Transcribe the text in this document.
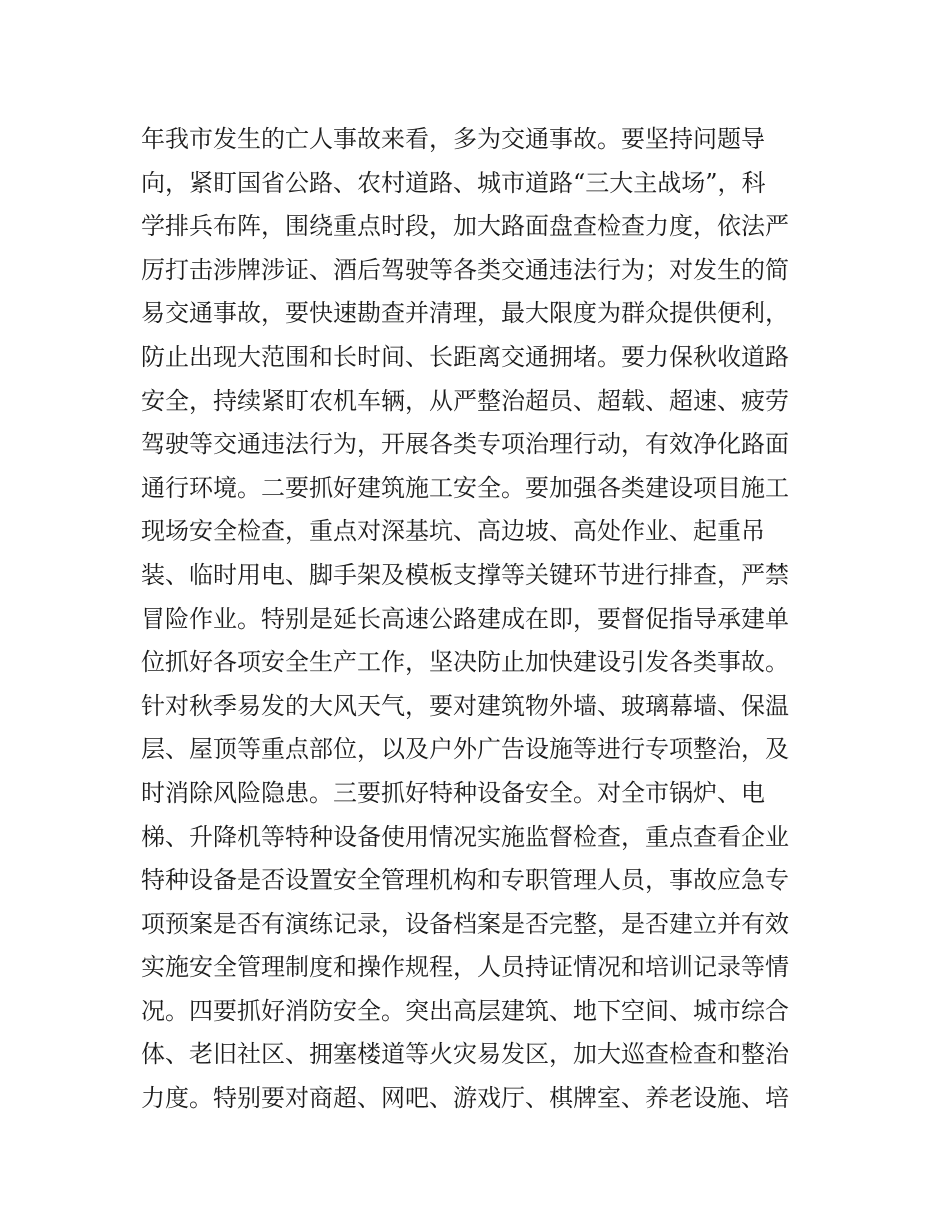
年我市发生的亡人事故来看，多为交通事故。要坚持问题导
向，紧盯国省公路、农村道路、城市道路“三大主战场”，科
学排兵布阵，围绕重点时段，加大路面盘查检查力度，依法严
厉打击涉牌涉证、酒后驾驶等各类交通违法行为；对发生的简
易交通事故，要快速勘查并清理，最大限度为群众提供便利，
防止出现大范围和长时间、长距离交通拥堵。要力保秋收道路
安全，持续紧盯农机车辆，从严整治超员、超载、超速、疲劳
驾驶等交通违法行为，开展各类专项治理行动，有效净化路面
通行环境。二要抓好建筑施工安全。要加强各类建设项目施工
现场安全检查，重点对深基坑、高边坡、高处作业、起重吊
装、临时用电、脚手架及模板支撑等关键环节进行排查，严禁
冒险作业。特别是延长高速公路建成在即，要督促指导承建单
位抓好各项安全生产工作，坚决防止加快建设引发各类事故。
针对秋季易发的大风天气，要对建筑物外墙、玻璃幕墙、保温
层、屋顶等重点部位，以及户外广告设施等进行专项整治，及
时消除风险隐患。三要抓好特种设备安全。对全市锅炉、电
梯、升降机等特种设备使用情况实施监督检查，重点查看企业
特种设备是否设置安全管理机构和专职管理人员，事故应急专
项预案是否有演练记录，设备档案是否完整，是否建立并有效
实施安全管理制度和操作规程，人员持证情况和培训记录等情
况。四要抓好消防安全。突出高层建筑、地下空间、城市综合
体、老旧社区、拥塞楼道等火灾易发区，加大巡查检查和整治
力度。特别要对商超、网吧、游戏厅、棋牌室、养老设施、培
